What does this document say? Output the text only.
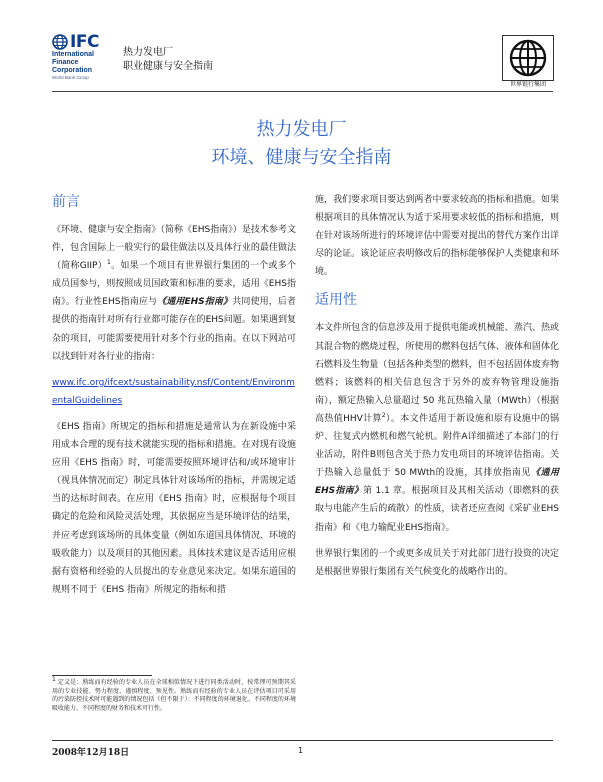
IFC
International
Finance
Corporation
World Bank Group
热力发电厂
职业健康与安全指南
世界银行集团
热力发电厂
环境、健康与安全指南
前言

《环境、健康与安全指南》（简称《EHS指南》）是技术参考文件，包含国际上一般实行的最佳做法以及具体行业的最佳做法（简称GIIP）$^1$。如果一个项目有世界银行集团的一个或多个成员国参与，则按照成员国政策和标准的要求，适用《EHS指南》。行业性EHS指南应与《通用EHS指南》共同使用，后者提供的指南针对所有行业都可能存在的EHS问题。如果遇到复杂的项目，可能需要使用针对多个行业的指南。在以下网站可以找到针对各行业的指南：

www.ifc.org/ifcext/sustainability.nsf/Content/EnvironmentalGuidelines

《EHS 指南》所规定的指标和措施是通常认为在新设施中采用成本合理的现有技术就能实现的指标和措施。在对现有设施应用《EHS 指南》时，可能需要按照环境评估和/或环境审计（视具体情况而定）制定具体针对该场所的指标，并需规定适当的达标时间表。在应用《EHS 指南》时，应根据每个项目确定的危险和风险灵活处理，其依据应当是环境评估的结果，并应考虑到该场所的具体变量（例如东道国具体情况、环境的吸收能力）以及项目的其他因素。具体技术建议是否适用应根据有资格和经验的人员提出的专业意见来决定。如果东道国的规则不同于《EHS 指南》所规定的指标和措

施，我们要求项目要达到两者中要求较高的指标和措施。如果根据项目的具体情况认为适于采用要求较低的指标和措施，则在针对该场所进行的环境评估中需要对提出的替代方案作出详尽的论证。该论证应表明修改后的指标能够保护人类健康和环境。

适用性

本文件所包含的信息涉及用于提供电能或机械能、蒸汽、热或其混合物的燃烧过程，所使用的燃料包括气体、液体和固体化石燃料及生物量（包括各种类型的燃料，但不包括固体废弃物燃料；该燃料的相关信息包含于另外的废弃物管理设施指南），额定热输入总量超过 50 兆瓦热输入量（MWth）（根据高热值HHV计算$^2$）。本文件适用于新设施和原有设施中的锅炉、往复式内燃机和燃气轮机。附件A详细描述了本部门的行业活动，附件B则包含关于热力发电项目的环境评估指南。关于热输入总量低于 50 MWth的设施，其排放指南见《通用EHS指南》第 1.1 章。根据项目及其相关活动（即燃料的获取与电能产生后的疏散）的性质，读者还应查阅《采矿业EHS指南》和《电力输配业EHS指南》。

世界银行集团的一个或更多成员关于对此部门进行投资的决定是根据世界银行集团有关气候变化的战略作出的。

1 定义是：熟练而有经验的专业人员在全球相似情况下进行同类活动时，按常理可预期其采用的专业技能、努力程度、谨慎程度、预见性。熟练而有经验的专业人员在评估项目可采用的污染防控技术时可能遇到的情况包括（但不限于）：不同程度的环境退化、不同程度的环境吸收能力、不同程度的财务和技术可行性。
2008年12月18日	1
